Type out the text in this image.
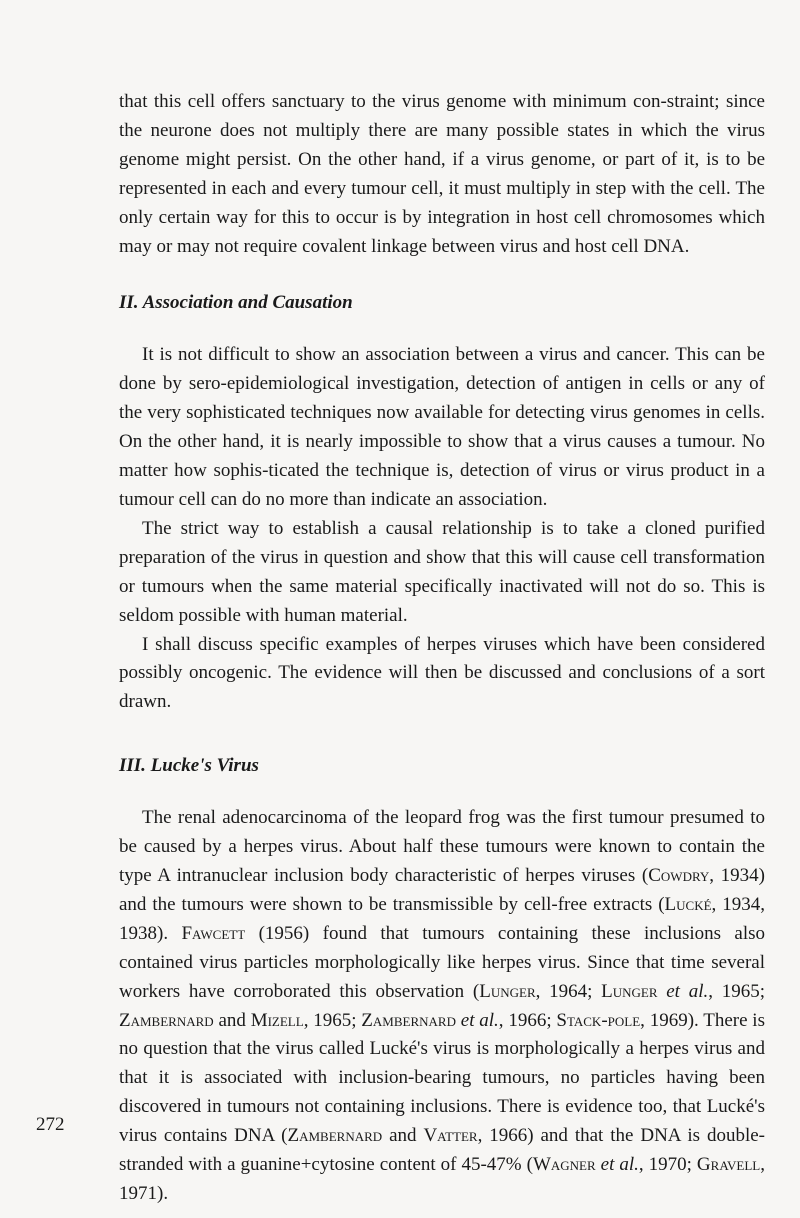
272

that this cell offers sanctuary to the virus genome with minimum con-straint; since the neurone does not multiply there are many possible states in which the virus genome might persist. On the other hand, if a virus genome, or part of it, is to be represented in each and every tumour cell, it must multiply in step with the cell. The only certain way for this to occur is by integration in host cell chromosomes which may or may not require covalent linkage between virus and host cell DNA.

II. Association and Causation

It is not difficult to show an association between a virus and cancer. This can be done by sero-epidemiological investigation, detection of antigen in cells or any of the very sophisticated techniques now available for detecting virus genomes in cells. On the other hand, it is nearly impossible to show that a virus causes a tumour. No matter how sophis-ticated the technique is, detection of virus or virus product in a tumour cell can do no more than indicate an association.

The strict way to establish a causal relationship is to take a cloned purified preparation of the virus in question and show that this will cause cell transformation or tumours when the same material specifically inactivated will not do so. This is seldom possible with human material.

I shall discuss specific examples of herpes viruses which have been considered possibly oncogenic. The evidence will then be discussed and conclusions of a sort drawn.

III. Lucke's Virus

The renal adenocarcinoma of the leopard frog was the first tumour presumed to be caused by a herpes virus. About half these tumours were known to contain the type A intranuclear inclusion body characteristic of herpes viruses (Cowdry, 1934) and the tumours were shown to be transmissible by cell-free extracts (Lucké, 1934, 1938). Fawcett (1956) found that tumours containing these inclusions also contained virus particles morphologically like herpes virus. Since that time several workers have corroborated this observation (Lunger, 1964; Lunger et al., 1965; Zambernard and Mizell, 1965; Zambernard et al., 1966; Stack-pole, 1969). There is no question that the virus called Lucké's virus is morphologically a herpes virus and that it is associated with inclusion-bearing tumours, no particles having been discovered in tumours not containing inclusions. There is evidence too, that Lucké's virus contains DNA (Zambernard and Vatter, 1966) and that the DNA is double-stranded with a guanine+cytosine content of 45-47% (Wagner et al., 1970; Gravell, 1971).
